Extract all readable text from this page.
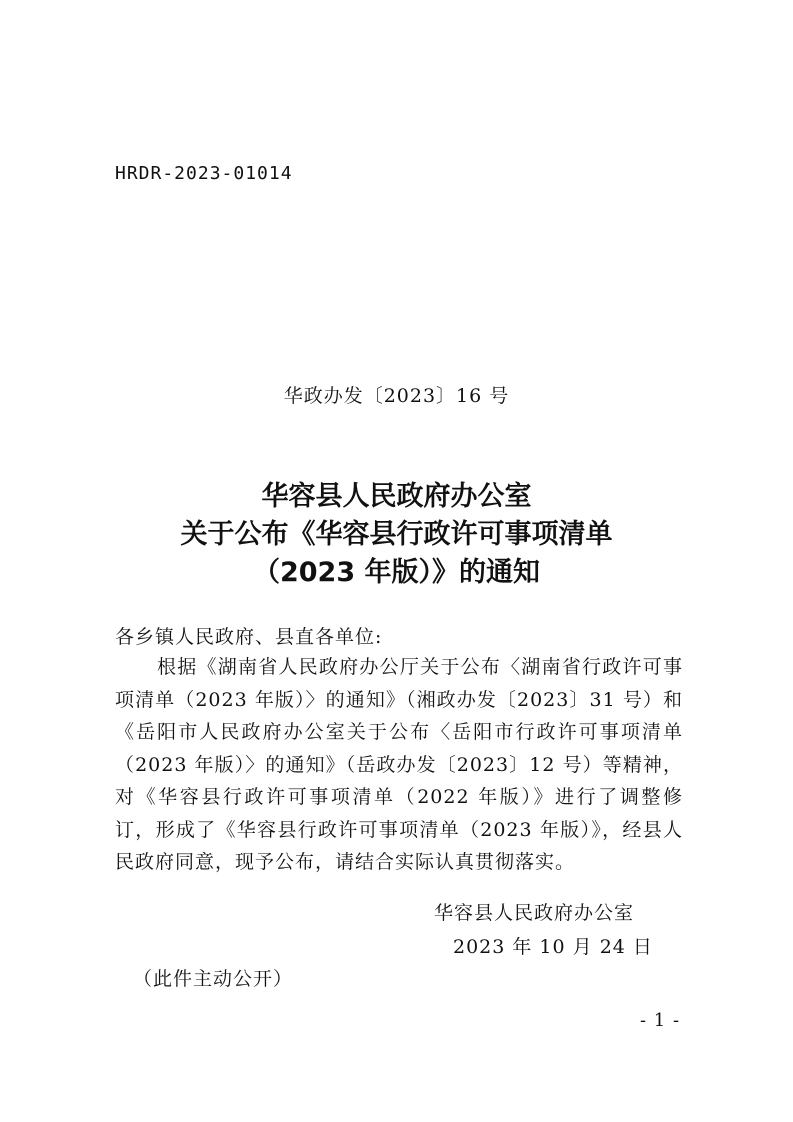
HRDR-2023-01014
华政办发〔2023〕16 号
华容县人民政府办公室
关于公布《华容县行政许可事项清单
（2023 年版）》的通知
各乡镇人民政府、县直各单位:
根据《湖南省人民政府办公厅关于公布〈湖南省行政许可事项清单（2023 年版）〉的通知》（湘政办发〔2023〕31 号）和《岳阳市人民政府办公室关于公布〈岳阳市行政许可事项清单（2023 年版）〉的通知》（岳政办发〔2023〕12 号）等精神，对《华容县行政许可事项清单（2022 年版）》进行了调整修订，形成了《华容县行政许可事项清单（2023 年版）》，经县人民政府同意，现予公布，请结合实际认真贯彻落实。
华容县人民政府办公室
2023 年 10 月 24 日
（此件主动公开）
- 1 -
